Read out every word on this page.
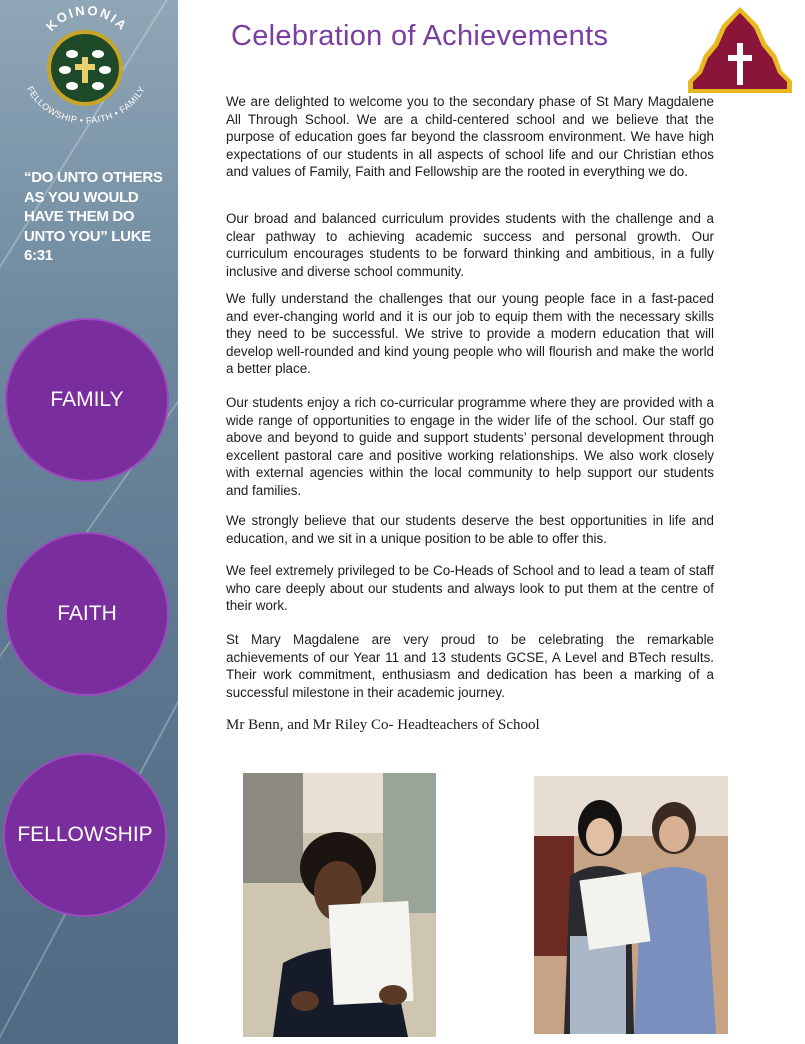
KOINONIA
FELLOWSHIP • FAITH • FAMILY
“DO UNTO OTHERS AS YOU WOULD HAVE THEM DO UNTO YOU” LUKE 6:31
FAMILY
FAITH
FELLOWSHIP
Celebration of Achievements
We are delighted to welcome you to the secondary phase of St Mary Magdalene All Through School. We are a child-centered school and we believe that the purpose of education goes far beyond the classroom environment. We have high expectations of our students in all aspects of school life and our Christian ethos and values of Family, Faith and Fellowship are the rooted in everything we do.
Our broad and balanced curriculum provides students with the challenge and a clear pathway to achieving academic success and personal growth. Our curriculum encourages students to be forward thinking and ambitious, in a fully inclusive and diverse school community.
We fully understand the challenges that our young people face in a fast-paced and ever-changing world and it is our job to equip them with the necessary skills they need to be successful. We strive to provide a modern education that will develop well-rounded and kind young people who will flourish and make the world a better place.
Our students enjoy a rich co-curricular programme where they are provided with a wide range of opportunities to engage in the wider life of the school. Our staff go above and beyond to guide and support students’ personal development through excellent pastoral care and positive working relationships. We also work closely with external agencies within the local community to help support our students and families.
We strongly believe that our students deserve the best opportunities in life and education, and we sit in a unique position to be able to offer this.
We feel extremely privileged to be Co-Heads of School and to lead a team of staff who care deeply about our students and always look to put them at the centre of their work.
St Mary Magdalene are very proud to be celebrating the remarkable achievements of our Year 11 and 13 students GCSE, A Level and BTech results. Their work commitment, enthusiasm and dedication has been a marking of a successful milestone in their academic journey.
Mr Benn, and Mr Riley Co- Headteachers of School
